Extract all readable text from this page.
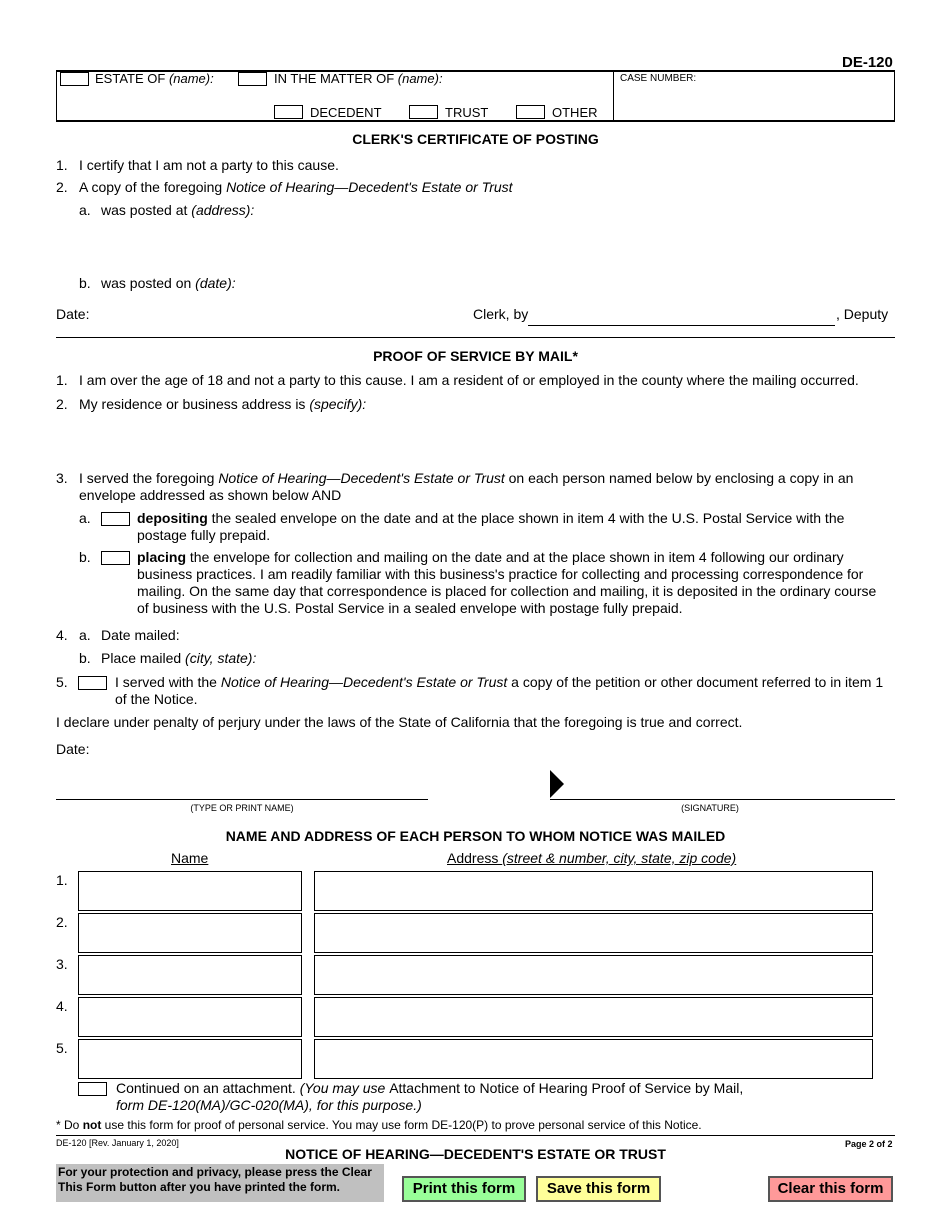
DE-120
ESTATE OF (name):	IN THE MATTER OF (name):
DECEDENT	TRUST	OTHER
CASE NUMBER:
CLERK'S CERTIFICATE OF POSTING
1. I certify that I am not a party to this cause.
2. A copy of the foregoing Notice of Hearing—Decedent's Estate or Trust
a. was posted at (address):
b. was posted on (date):
Date:	Clerk, by	, Deputy
PROOF OF SERVICE BY MAIL*
1. I am over the age of 18 and not a party to this cause. I am a resident of or employed in the county where the mailing occurred.
2. My residence or business address is (specify):
3. I served the foregoing Notice of Hearing—Decedent's Estate or Trust on each person named below by enclosing a copy in an envelope addressed as shown below AND
a.	depositing the sealed envelope on the date and at the place shown in item 4 with the U.S. Postal Service with the postage fully prepaid.
b.	placing the envelope for collection and mailing on the date and at the place shown in item 4 following our ordinary business practices. I am readily familiar with this business's practice for collecting and processing correspondence for mailing. On the same day that correspondence is placed for collection and mailing, it is deposited in the ordinary course of business with the U.S. Postal Service in a sealed envelope with postage fully prepaid.
4. a. Date mailed:
b. Place mailed (city, state):
5.	I served with the Notice of Hearing—Decedent's Estate or Trust a copy of the petition or other document referred to in item 1 of the Notice.
I declare under penalty of perjury under the laws of the State of California that the foregoing is true and correct.
Date:
(TYPE OR PRINT NAME)	(SIGNATURE)
NAME AND ADDRESS OF EACH PERSON TO WHOM NOTICE WAS MAILED
Name	Address (street & number, city, state, zip code)
1.
2.
3.
4.
5.
Continued on an attachment. (You may use Attachment to Notice of Hearing Proof of Service by Mail,
form DE-120(MA)/GC-020(MA), for this purpose.)
* Do not use this form for proof of personal service. You may use form DE-120(P) to prove personal service of this Notice.
DE-120 [Rev. January 1, 2020]	Page 2 of 2
NOTICE OF HEARING—DECEDENT'S ESTATE OR TRUST
For your protection and privacy, please press the Clear This Form button after you have printed the form.	Print this form	Save this form	Clear this form
